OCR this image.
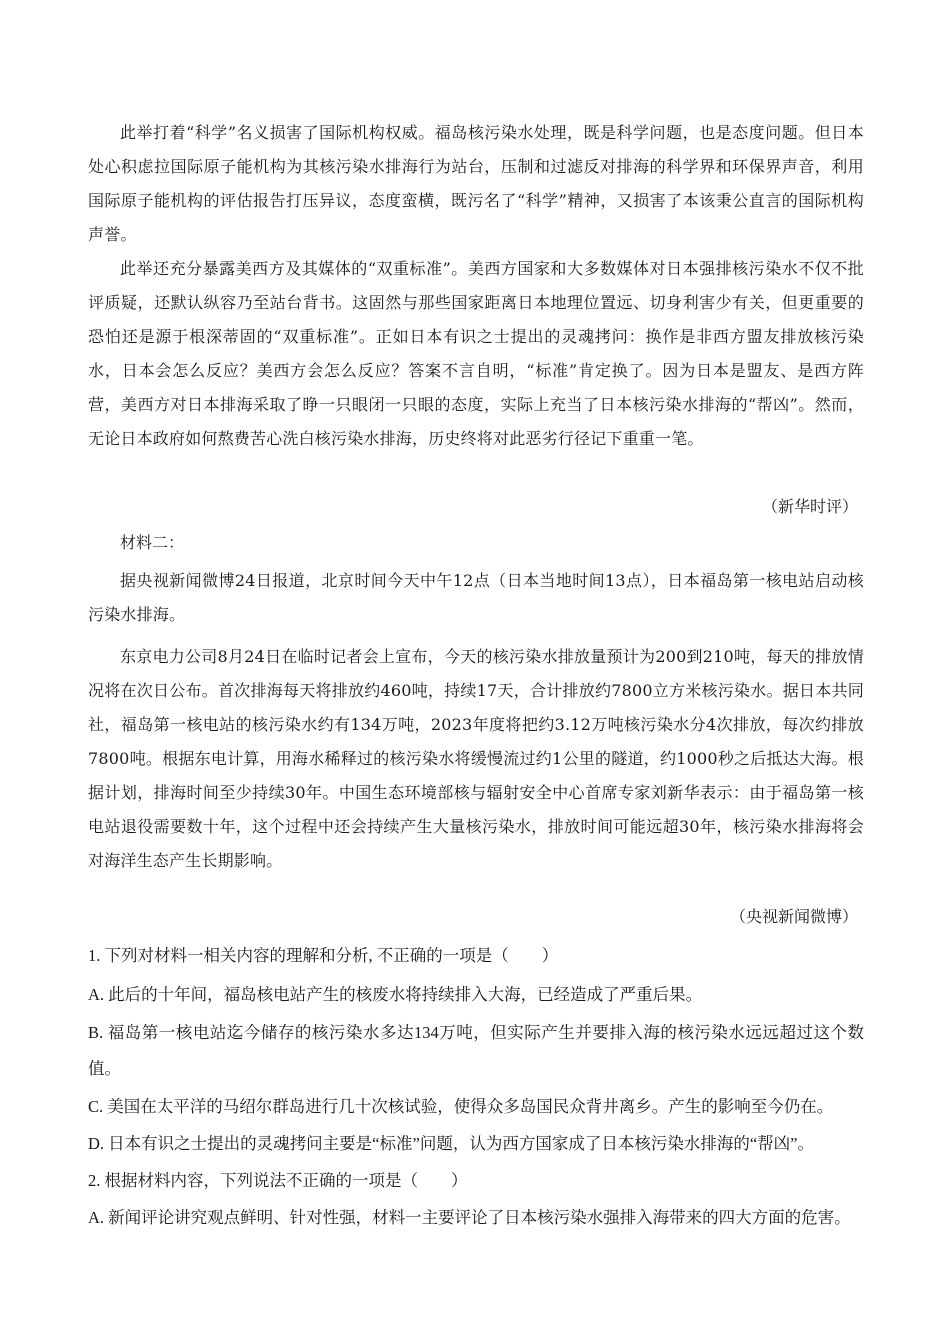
此举打着“科学”名义损害了国际机构权威。福岛核污染水处理，既是科学问题，也是态度问题。但日本处心积虑拉国际原子能机构为其核污染水排海行为站台，压制和过滤反对排海的科学界和环保界声音，利用国际原子能机构的评估报告打压异议，态度蛮横，既污名了“科学”精神，又损害了本该秉公直言的国际机构声誉。

此举还充分暴露美西方及其媒体的“双重标准”。美西方国家和大多数媒体对日本强排核污染水不仅不批评质疑，还默认纵容乃至站台背书。这固然与那些国家距离日本地理位置远、切身利害少有关，但更重要的恐怕还是源于根深蒂固的“双重标准”。正如日本有识之士提出的灵魂拷问：换作是非西方盟友排放核污染水，日本会怎么反应？美西方会怎么反应？答案不言自明，“标准”肯定换了。因为日本是盟友、是西方阵营，美西方对日本排海采取了睁一只眼闭一只眼的态度，实际上充当了日本核污染水排海的“帮凶”。然而，无论日本政府如何熬费苦心洗白核污染水排海，历史终将对此恶劣行径记下重重一笔。

（新华时评）

材料二：

据央视新闻微博24日报道，北京时间今天中午12点（日本当地时间13点），日本福岛第一核电站启动核污染水排海。

东京电力公司8月24日在临时记者会上宣布，今天的核污染水排放量预计为200到210吨，每天的排放情况将在次日公布。首次排海每天将排放约460吨，持续17天，合计排放约7800立方米核污染水。据日本共同社，福岛第一核电站的核污染水约有134万吨，2023年度将把约3.12万吨核污染水分4次排放，每次约排放7800吨。根据东电计算，用海水稀释过的核污染水将缓慢流过约1公里的隧道，约1000秒之后抵达大海。根据计划，排海时间至少持续30年。中国生态环境部核与辐射安全中心首席专家刘新华表示：由于福岛第一核电站退役需要数十年，这个过程中还会持续产生大量核污染水，排放时间可能远超30年，核污染水排海将会对海洋生态产生长期影响。

（央视新闻微博）

1. 下列对材料一相关内容的理解和分析, 不正确的一项是（　　）

A. 此后的十年间，福岛核电站产生的核废水将持续排入大海，已经造成了严重后果。

B. 福岛第一核电站迄今储存的核污染水多达134万吨，但实际产生并要排入海的核污染水远远超过这个数值。

C. 美国在太平洋的马绍尔群岛进行几十次核试验，使得众多岛国民众背井离乡。产生的影响至今仍在。

D. 日本有识之士提出的灵魂拷问主要是“标准”问题，认为西方国家成了日本核污染水排海的“帮凶”。

2. 根据材料内容，下列说法不正确的一项是（　　）

A. 新闻评论讲究观点鲜明、针对性强，材料一主要评论了日本核污染水强排入海带来的四大方面的危害。
